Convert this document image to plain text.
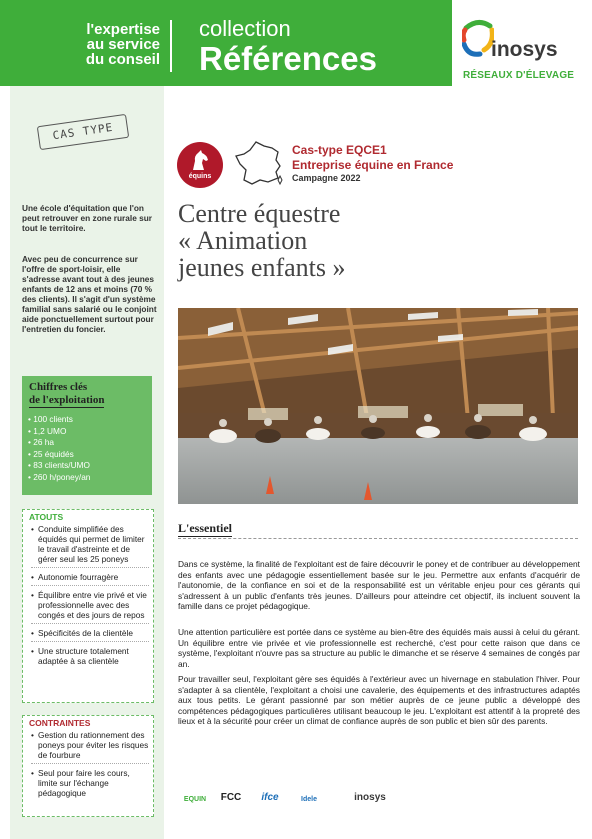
l'expertise
au service
du conseil
collection
Références	inosys
RÉSEAUX D'ÉLEVAGE
CAS TYPE
Une école d'équitation que l'on peut retrouver en zone rurale sur tout le territoire.
Avec peu de concurrence sur l'offre de sport-loisir, elle s'adresse avant tout à des jeunes enfants de 12 ans et moins (70 % des clients). Il s'agit d'un système familial sans salarié ou le conjoint aide ponctuellement surtout pour l'entretien du foncier.
Chiffres clés
de l'exploitation
• 100 clients
• 1,2 UMO
• 26 ha
• 25 équidés
• 83 clients/UMO
• 260 h/poney/an
ATOUTS
• Conduite simplifiée des équidés qui permet de limiter le travail d'astreinte et de gérer seul les 25 poneys
• Autonomie fourragère
• Équilibre entre vie privé et vie professionnelle avec des congés et des jours de repos
• Spécificités de la clientèle
• Une structure totalement adaptée à sa clientèle
CONTRAINTES
• Gestion du rationnement des poneys pour éviter les risques de fourbure
• Seul pour faire les cours, limite sur l'échange pédagogique
équins
Cas-type EQCE1
Entreprise équine en France
Campagne 2022
Centre équestre
« Animation
jeunes enfants »
L'essentiel
Dans ce système, la finalité de l'exploitant est de faire découvrir le poney et de contribuer au développement des enfants avec une pédagogie essentiellement basée sur le jeu. Permettre aux enfants d'acquérir de l'autonomie, de la confiance en soi et de la responsabilité est un véritable enjeu pour ces gérants qui s'adressent à un public d'enfants très jeunes. D'ailleurs pour atteindre cet objectif, ils incluent souvent la famille dans ce projet pédagogique.
Une attention particulière est portée dans ce système au bien-être des équidés mais aussi à celui du gérant. Un équilibre entre vie privée et vie professionnelle est recherché, c'est pour cette raison que dans ce système, l'exploitant n'ouvre pas sa structure au public le dimanche et se réserve 4 semaines de congés par an.
Pour travailler seul, l'exploitant gère ses équidés à l'extérieur avec un hivernage en stabulation l'hiver. Pour s'adapter à sa clientèle, l'exploitant a choisi une cavalerie, des équipements et des infrastructures adaptés aux tous petits. Le gérant passionné par son métier auprès de ce jeune public a développé des compétences pédagogiques particulières utilisant beaucoup le jeu. L'exploitant est attentif à la propreté des lieux et à la sécurité pour créer un climat de confiance auprès de son public et bien sûr des parents.
EQUIN	FCC	ifce	Idele	inosys
